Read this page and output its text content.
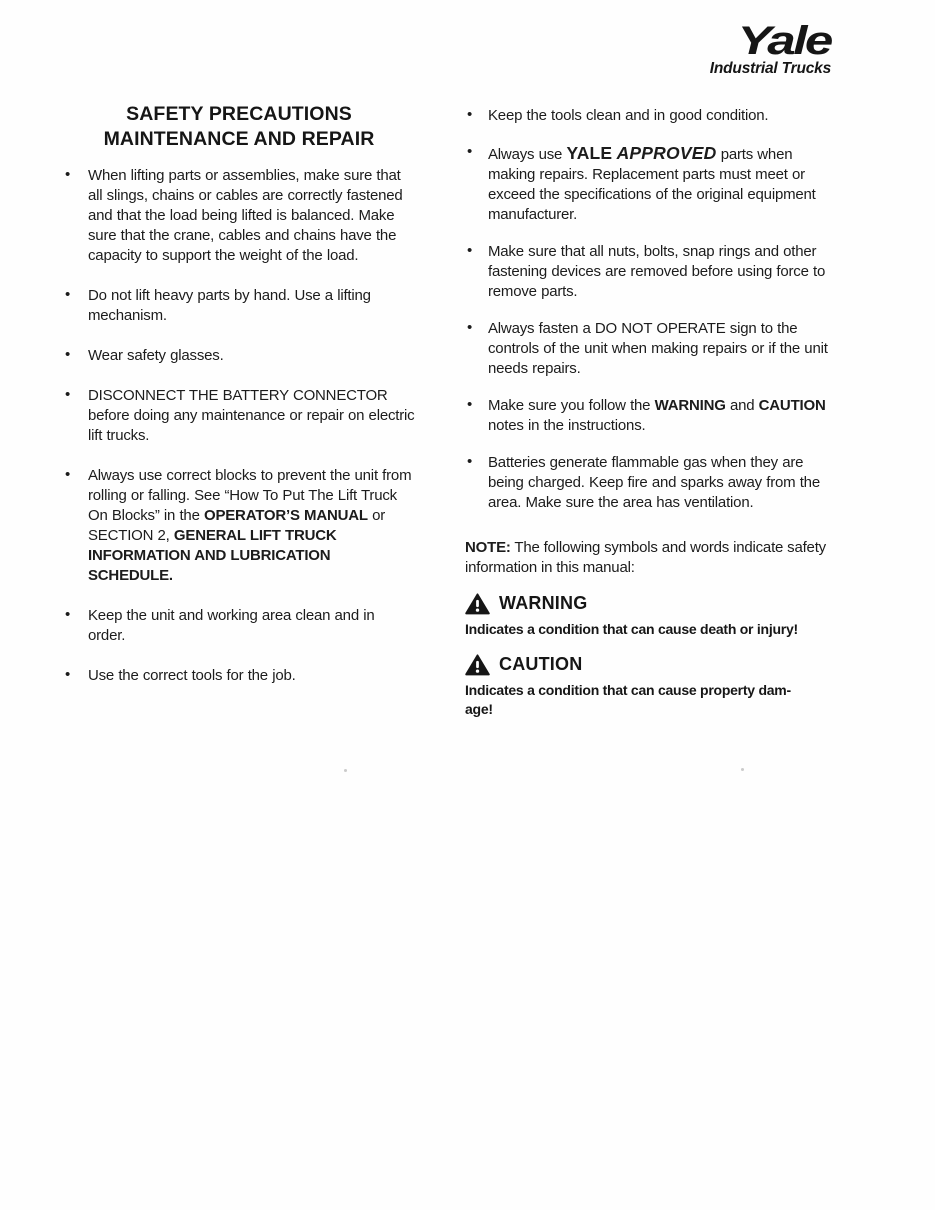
Yale
Industrial Trucks
SAFETY PRECAUTIONS
MAINTENANCE AND REPAIR
• When lifting parts or assemblies, make sure that all slings, chains or cables are correctly fastened and that the load being lifted is balanced. Make sure that the crane, cables and chains have the capacity to support the weight of the load.
• Do not lift heavy parts by hand. Use a lifting mechanism.
• Wear safety glasses.
• DISCONNECT THE BATTERY CONNECTOR before doing any maintenance or repair on electric lift trucks.
• Always use correct blocks to prevent the unit from rolling or falling. See “How To Put The Lift Truck On Blocks” in the OPERATOR’S MANUAL or SECTION 2, GENERAL LIFT TRUCK INFORMATION AND LUBRICATION SCHEDULE.
• Keep the unit and working area clean and in order.
• Use the correct tools for the job.
• Keep the tools clean and in good condition.
• Always use YALE APPROVED parts when making repairs. Replacement parts must meet or exceed the specifications of the original equipment manufacturer.
• Make sure that all nuts, bolts, snap rings and other fastening devices are removed before using force to remove parts.
• Always fasten a DO NOT OPERATE sign to the controls of the unit when making repairs or if the unit needs repairs.
• Make sure you follow the WARNING and CAUTION notes in the instructions.
• Batteries generate flammable gas when they are being charged. Keep fire and sparks away from the area. Make sure the area has ventilation.

NOTE: The following symbols and words indicate safety information in this manual:

WARNING

Indicates a condition that can cause death or injury!

CAUTION

Indicates a condition that can cause property dam-
age!
